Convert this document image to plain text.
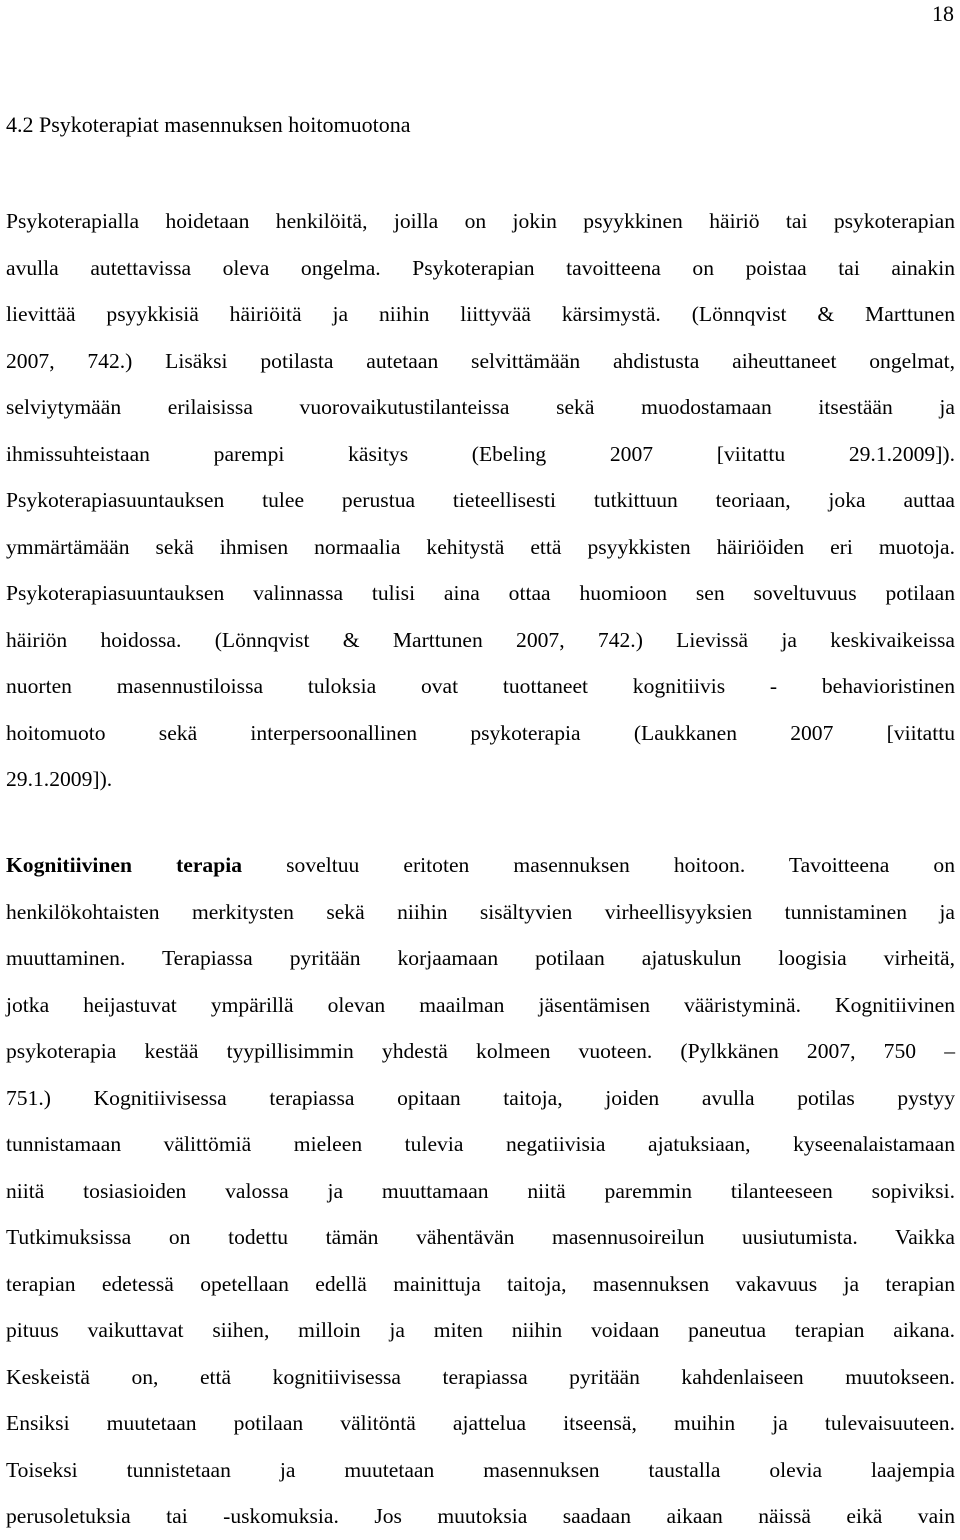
18
4.2 Psykoterapiat masennuksen hoitomuotona
Psykoterapialla hoidetaan henkilöitä, joilla on jokin psyykkinen häiriö tai psykoterapian
avulla autettavissa oleva ongelma. Psykoterapian tavoitteena on poistaa tai ainakin
lievittää psyykkisiä häiriöitä ja niihin liittyvää kärsimystä. (Lönnqvist & Marttunen
2007, 742.) Lisäksi potilasta autetaan selvittämään ahdistusta aiheuttaneet ongelmat,
selviytymään erilaisissa vuorovaikutustilanteissa sekä muodostamaan itsestään ja
ihmissuhteistaan parempi käsitys (Ebeling 2007 [viitattu 29.1.2009]).
Psykoterapiasuuntauksen tulee perustua tieteellisesti tutkittuun teoriaan, joka auttaa
ymmärtämään sekä ihmisen normaalia kehitystä että psyykkisten häiriöiden eri muotoja.
Psykoterapiasuuntauksen valinnassa tulisi aina ottaa huomioon sen soveltuvuus potilaan
häiriön hoidossa. (Lönnqvist & Marttunen 2007, 742.) Lievissä ja keskivaikeissa
nuorten masennustiloissa tuloksia ovat tuottaneet kognitiivis - behavioristinen
hoitomuoto sekä interpersoonallinen psykoterapia (Laukkanen 2007 [viitattu
29.1.2009]).
Kognitiivinen terapia soveltuu eritoten masennuksen hoitoon. Tavoitteena on
henkilökohtaisten merkitysten sekä niihin sisältyvien virheellisyyksien tunnistaminen ja
muuttaminen. Terapiassa pyritään korjaamaan potilaan ajatuskulun loogisia virheitä,
jotka heijastuvat ympärillä olevan maailman jäsentämisen vääristyminä. Kognitiivinen
psykoterapia kestää tyypillisimmin yhdestä kolmeen vuoteen. (Pylkkänen 2007, 750 –
751.) Kognitiivisessa terapiassa opitaan taitoja, joiden avulla potilas pystyy
tunnistamaan välittömiä mieleen tulevia negatiivisia ajatuksiaan, kyseenalaistamaan
niitä tosiasioiden valossa ja muuttamaan niitä paremmin tilanteeseen sopiviksi.
Tutkimuksissa on todettu tämän vähentävän masennusoireilun uusiutumista. Vaikka
terapian edetessä opetellaan edellä mainittuja taitoja, masennuksen vakavuus ja terapian
pituus vaikuttavat siihen, milloin ja miten niihin voidaan paneutua terapian aikana.
Keskeistä on, että kognitiivisessa terapiassa pyritään kahdenlaiseen muutokseen.
Ensiksi muutetaan potilaan välitöntä ajattelua itseensä, muihin ja tulevaisuuteen.
Toiseksi tunnistetaan ja muutetaan masennuksen taustalla olevia laajempia
perusoletuksia tai -uskomuksia. Jos muutoksia saadaan aikaan näissä eikä vain
